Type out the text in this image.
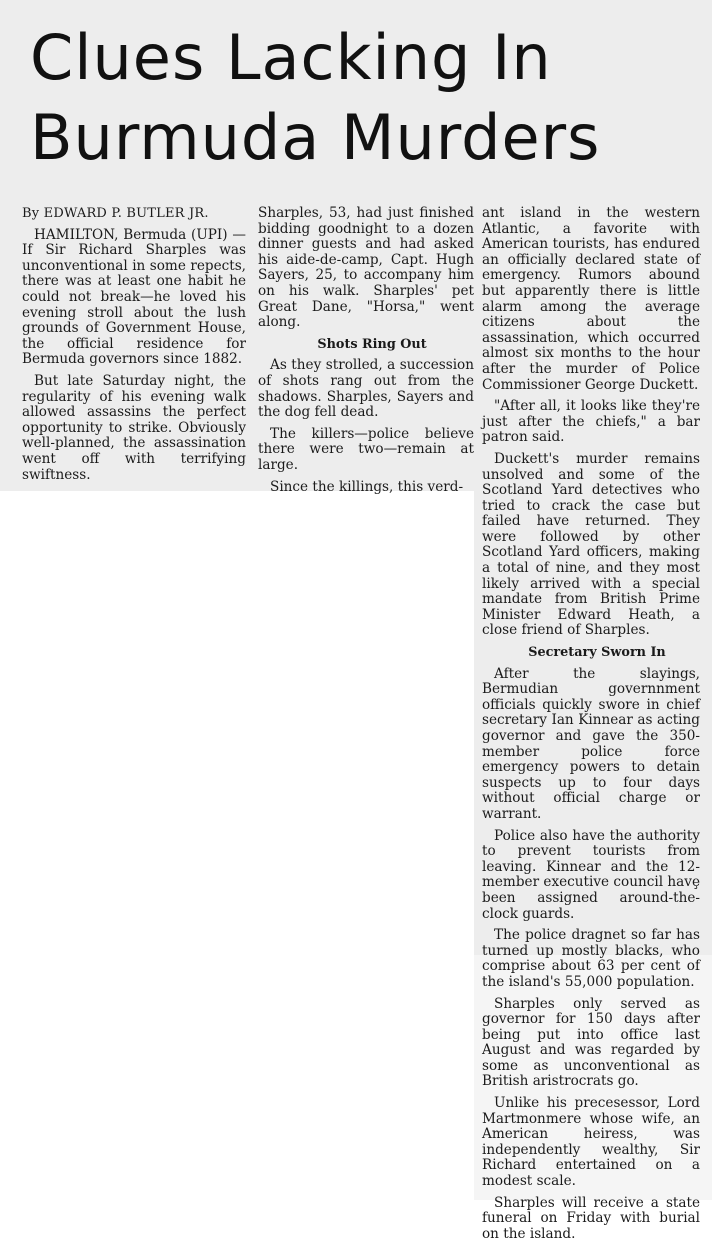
Clues Lacking In Burmuda Murders

By EDWARD P. BUTLER JR.

HAMILTON, Bermuda (UPI) — If Sir Richard Sharples was unconventional in some repects, there was at least one habit he could not break—he loved his evening stroll about the lush grounds of Government House, the official residence for Bermuda governors since 1882.

But late Saturday night, the regularity of his evening walk allowed assassins the perfect opportunity to strike. Obviously well-planned, the assassination went off with terrifying swiftness.

Sharples, 53, had just finished bidding goodnight to a dozen dinner guests and had asked his aide-de-camp, Capt. Hugh Sayers, 25, to accompany him on his walk. Sharples' pet Great Dane, "Horsa," went along.

Shots Ring Out

As they strolled, a succession of shots rang out from the shadows. Sharples, Sayers and the dog fell dead.

The killers—police believe there were two—remain at large.

Since the killings, this verd-

ant island in the western Atlantic, a favorite with American tourists, has endured an officially declared state of emergency. Rumors abound but apparently there is little alarm among the average citizens about the assassination, which occurred almost six months to the hour after the murder of Police Commissioner George Duckett.

"After all, it looks like they're just after the chiefs," a bar patron said.

Duckett's murder remains unsolved and some of the Scotland Yard detectives who tried to crack the case but failed have returned. They were followed by other Scotland Yard officers, making a total of nine, and they most likely arrived with a special mandate from British Prime Minister Edward Heath, a close friend of Sharples.

Secretary Sworn In

After the slayings, Bermudian governnment officials quickly swore in chief secretary Ian Kinnear as acting governor and gave the 350-member police force emergency powers to detain suspects up to four days without official charge or warrant.

Police also have the authority to prevent tourists from leaving. Kinnear and the 12-member executive council havȩ been assigned around-the-clock guards.

The police dragnet so far has turned up mostly blacks, who comprise about 63 per cent of the island's 55,000 population.

Sharples only served as governor for 150 days after being put into office last August and was regarded by some as unconventional as British aristrocrats go.

Unlike his precesessor, Lord Martmonmere whose wife, an American heiress, was independently wealthy, Sir Richard entertained on a modest scale.

Sharples will receive a state funeral on Friday with burial on the island.
